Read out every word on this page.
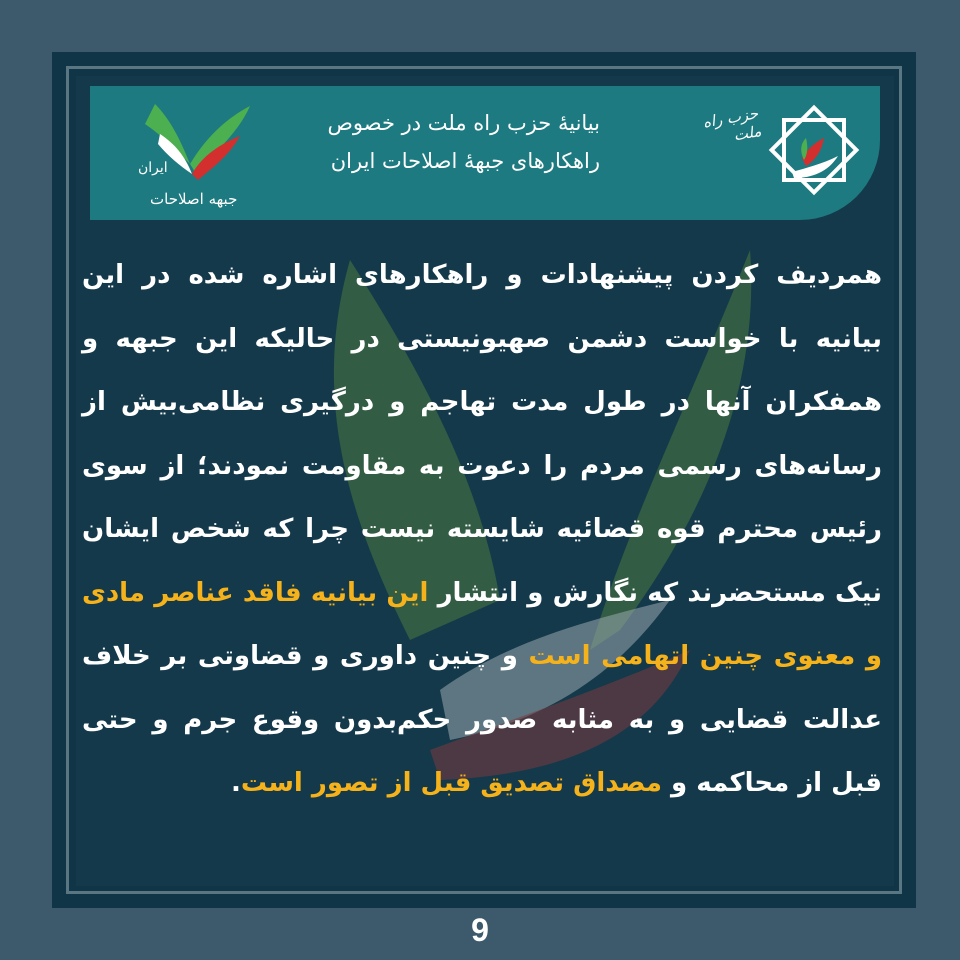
ایران
جبهه اصلاحات
بیانیۀ حزب راه ملت در خصوص
راهکارهای جبهۀ اصلاحات ایران
حزب راه ملت
همردیف کردن پیشنهادات و راهکارهای اشاره شده در این بیانیه با خواست دشمن صهیونیستی در حالیکه این جبهه و همفکران آنها در طول مدت تهاجم و درگیری نظامی‌بیش از رسانه‌های رسمی مردم را دعوت به مقاومت نمودند؛ از سوی رئیس محترم قوه قضائیه شایسته نیست چرا که شخص ایشان نیک مستحضرند که نگارش و انتشار این بیانیه فاقد عناصر مادی و معنوی چنین اتهامی است و چنین داوری و قضاوتی بر خلاف عدالت قضایی و به مثابه صدور حکم‌بدون وقوع جرم و حتی قبل از محاکمه و مصداق تصدیق قبل از تصور است.
9
